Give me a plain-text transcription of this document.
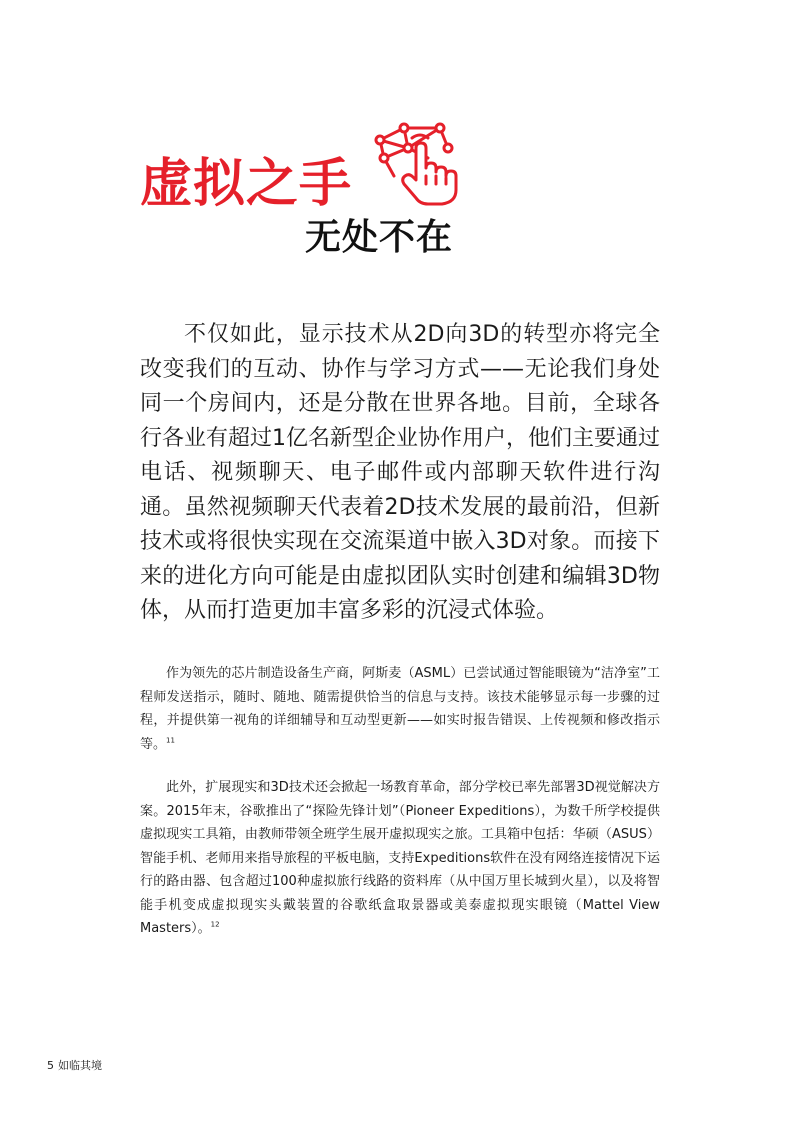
虚拟之手
无处不在

不仅如此，显示技术从2D向3D的转型亦将完全改变我们的互动、协作与学习方式——无论我们身处同一个房间内，还是分散在世界各地。目前，全球各行各业有超过1亿名新型企业协作用户，他们主要通过电话、视频聊天、电子邮件或内部聊天软件进行沟通。虽然视频聊天代表着2D技术发展的最前沿，但新技术或将很快实现在交流渠道中嵌入3D对象。而接下来的进化方向可能是由虚拟团队实时创建和编辑3D物体，从而打造更加丰富多彩的沉浸式体验。

作为领先的芯片制造设备生产商，阿斯麦（ASML）已尝试通过智能眼镜为“洁净室”工程师发送指示，随时、随地、随需提供恰当的信息与支持。该技术能够显示每一步骤的过程，并提供第一视角的详细辅导和互动型更新——如实时报告错误、上传视频和修改指示等。$^{11}$

此外，扩展现实和3D技术还会掀起一场教育革命，部分学校已率先部署3D视觉解决方案。2015年末，谷歌推出了“探险先锋计划”（Pioneer Expeditions），为数千所学校提供虚拟现实工具箱，由教师带领全班学生展开虚拟现实之旅。工具箱中包括：华硕（ASUS）智能手机、老师用来指导旅程的平板电脑，支持Expeditions软件在没有网络连接情况下运行的路由器、包含超过100种虚拟旅行线路的资料库（从中国万里长城到火星），以及将智能手机变成虚拟现实头戴装置的谷歌纸盒取景器或美泰虚拟现实眼镜（Mattel View Masters）。$^{12}$

5 如临其境
